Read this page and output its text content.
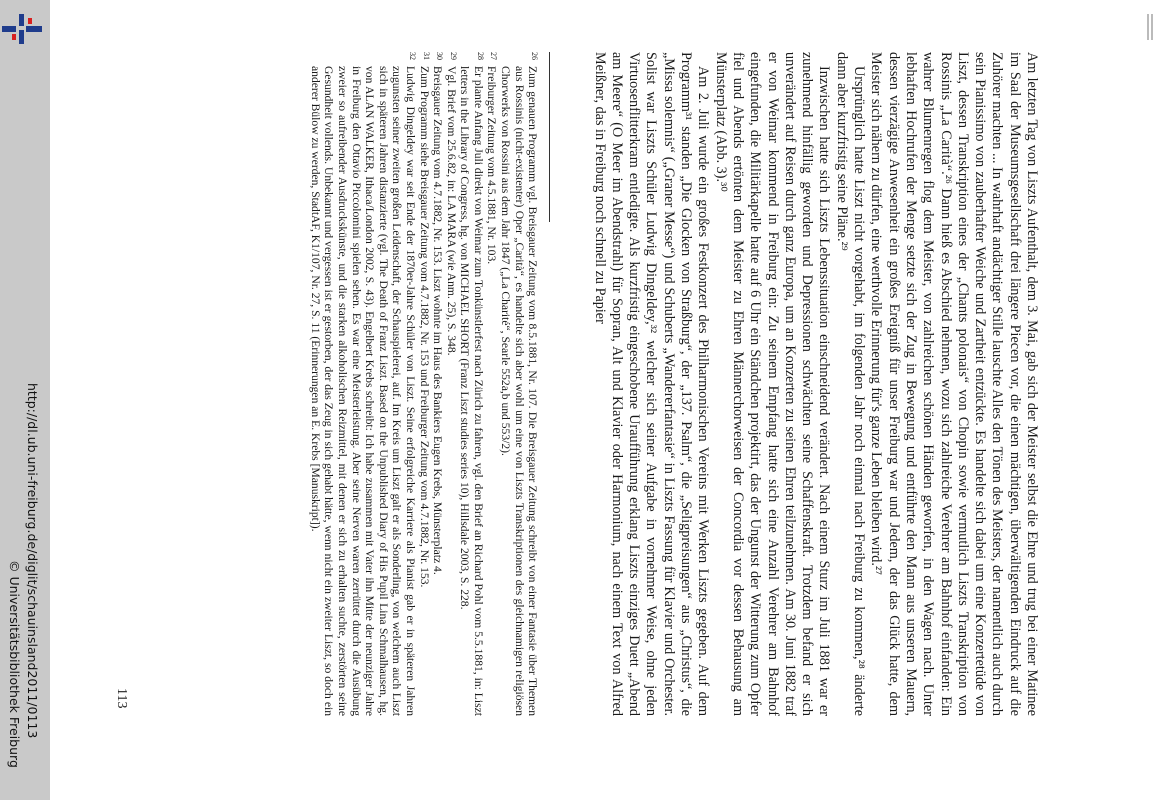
http://dl.ub.uni-freiburg.de/diglit/schauinsland2011/0113
© Universitätsbibliothek Freiburg	Am letzten Tag von Liszts Aufenthalt, dem 3. Mai, gab sich der Meister selbst die Ehre und trug bei einer Matinee im Saal der Museumsgesellschaft drei längere Piecen vor, die einen mächtigen, überwältigenden Eindruck auf die Zuhörer machten ... In wahrhaft andächtiger Stille lauschte Alles den Tönen des Meisters, der namentlich auch durch sein Pianissimo von zauberhafter Weiche und Zartheit entzückte. Es handelte sich dabei um eine Konzertetüde von Liszt, dessen Transkription eines der „Chants polonais“ von Chopin sowie vermutlich Liszts Transkription von Rossinis „La Carità“.²⁶ Dann hieß es Abschied nehmen, wozu sich zahlreiche Verehrer am Bahnhof einfanden: Ein wahrer Blumenregen flog dem Meister, von zahlreichen schönen Händen geworfen, in den Wagen nach. Unter lebhaften Hochrufen der Menge setzte sich der Zug in Bewegung und entführte den Mann aus unseren Mauern, dessen vierzägige Anwesenheit ein großes Ereigniß für unser Freiburg war und Jedem, der das Glück hatte, dem Meister sich nähern zu dürfen, eine werthvolle Erinnerung für's ganze Leben bleiben wird.²⁷

Ursprünglich hatte Liszt nicht vorgehabt, im folgenden Jahr noch einmal nach Freiburg zu kommen,²⁸ änderte dann aber kurzfristig seine Pläne.²⁹

Inzwischen hatte sich Liszts Lebenssituation einschneidend verändert. Nach einem Sturz im Juli 1881 war er zunehmend hinfällig geworden und Depressionen schwächten seine Schaffenskraft. Trotzdem befand er sich unverändert auf Reisen durch ganz Europa, um an Konzerten zu seinen Ehren teilzunehmen. Am 30. Juni 1882 traf er von Weimar kommend in Freiburg ein: Zu seinem Empfang hatte sich eine Anzahl Verehrer am Bahnhof eingefunden, die Militärkapelle hatte auf 6 Uhr ein Ständchen projektirt, das der Ungunst der Witterung zum Opfer fiel und Abends ertönten dem Meister zu Ehren Männerchorweisen der Concordia vor dessen Behausung am Münsterplatz (Abb. 3).³⁰

Am 2. Juli wurde ein großes Festkonzert des Philharmonischen Vereins mit Werken Liszts gegeben. Auf dem Programm³¹ standen „Die Glocken von Straßburg“, der „137. Psalm“, die „Seligpreisungen“ aus „Christus“, die „Missa solemnis“ („Graner Messe“) und Schuberts „Wandererfantasie“ in Liszts Fassung für Klavier und Orchester. Solist war Liszts Schüler Ludwig Dingeldey,³² welcher sich seiner Aufgabe in vornehmer Weise, ohne jeden Virtuosenflitterkram entledigte. Als kurzfristig eingeschobene Uraufführung erklang Liszts einziges Duett „Abend am Meere“ (O Meer im Abendstrahl) für Sopran, Alt und Klavier oder Harmonium, nach einem Text von Alfred Meißner, das in Freiburg noch schnell zu Papier

26
Zum genauen Programm vgl. Breisgauer Zeitung vom 8.5.1881, Nr. 107. Die Breisgauer Zeitung schreibt von einer Fantasie über Themen aus Rossinis (nicht-existenter) Oper „Carità“, es handelte sich aber wohl um eine von Liszts Transkriptionen des gleichnamigen religiösen Chorwerks von Rossini aus dem Jahr 1847 („La Charité“, Searle 552a,b und 553/2).

27
Freiburger Zeitung vom 4.5.1881, Nr. 103.

28
Er plante Anfang Juli direkt von Weimar zum Tonkünstlerfest nach Zürich zu fahren, vgl. den Brief an Richard Pohl vom 5.5.1881, in: Liszt letters in the Library of Congress, hg. von MICHAEL SHORT (Franz Liszt studies series 10), Hillsdale 2003, S. 228.

29
Vgl. Brief vom 25.6.82, in: LA MARA (wie Anm. 25), S. 348.

30
Breisgauer Zeitung vom 4.7.1882, Nr. 153. Liszt wohnte im Haus des Bankiers Eugen Krebs, Münsterplatz 4.

31
Zum Programm siehe Breisgauer Zeitung vom 4.7.1882, Nr. 153 und Freiburger Zeitung vom 4.7.1882, Nr. 153.

32
Ludwig Dingeldey war seit Ende der 1870er-Jahre Schüler von Liszt. Seine erfolgreiche Karriere als Pianist gab er in späteren Jahren zugunsten seiner zweiten großen Leidenschaft, der Schauspielerei, auf. Im Kreis um Liszt galt er als Sonderling, von welchem auch Liszt sich in späteren Jahren distanzierte (vgl. The Death of Franz Liszt. Based on the Unpublished Diary of His Pupil Lina Schmalhausen, hg. von ALAN WALKER, Ithaca/London 2002, S. 43). Engelbert Krebs schreibt: Ich habe zusammen mit Vater ihn Mitte der neunziger Jahre in Freiburg den Ottavio Piccolomini spielen sehen. Es war eine Meisterleistung. Aber seine Nerven waren zerrüttet durch die Ausübung zweier so aufreibender Ausdruckskünste, und die starken alkoholischen Reizmittel, mit denen er sich zu erhalten suchte, zerstörten seine Gesundheit vollends. Unbekannt und vergessen ist er gestorben, der das Zeug in sich gehabt hätte, wenn nicht ein zweiter Liszt, so doch ein anderer Bülow zu werden, StadtAF, K1/107, Nr. 27, S. 11 (Erinnerungen an E. Krebs [Manuskript]).

113
